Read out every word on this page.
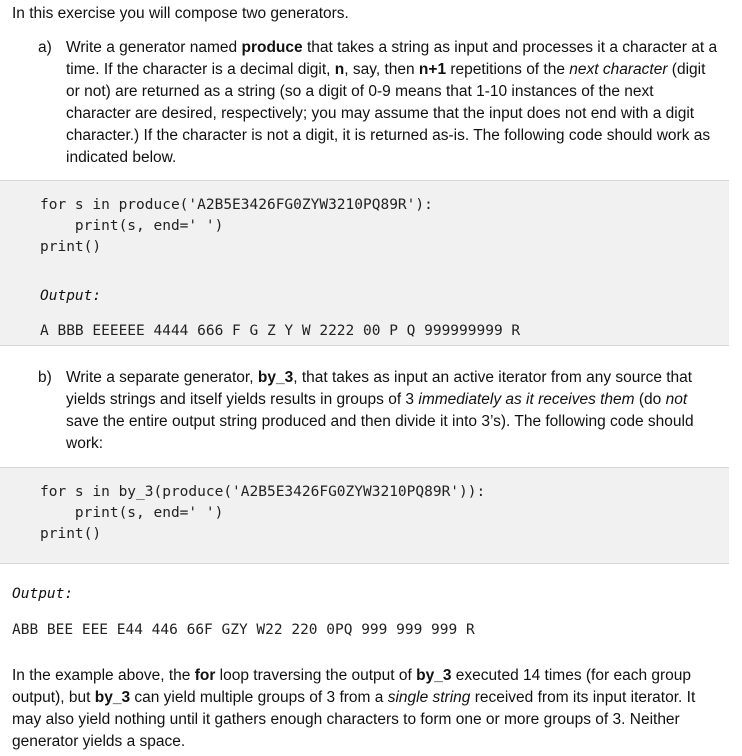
In this exercise you will compose two generators.
a) Write a generator named produce that takes a string as input and processes it a character at a time. If the character is a decimal digit, n, say, then n+1 repetitions of the next character (digit or not) are returned as a string (so a digit of 0-9 means that 1-10 instances of the next character are desired, respectively; you may assume that the input does not end with a digit character.) If the character is not a digit, it is returned as-is. The following code should work as indicated below.
for s in produce('A2B5E3426FG0ZYW3210PQ89R'):
print(s, end=' ')
print()
Output:
A BBB EEEEEE 4444 666 F G Z Y W 2222 00 P Q 999999999 R
b) Write a separate generator, by_3, that takes as input an active iterator from any source that yields strings and itself yields results in groups of 3 immediately as it receives them (do not save the entire output string produced and then divide it into 3’s). The following code should work:
for s in by_3(produce('A2B5E3426FG0ZYW3210PQ89R')):
print(s, end=' ')
print()
Output:
ABB BEE EEE E44 446 66F GZY W22 220 0PQ 999 999 999 R
In the example above, the for loop traversing the output of by_3 executed 14 times (for each group output), but by_3 can yield multiple groups of 3 from a single string received from its input iterator. It may also yield nothing until it gathers enough characters to form one or more groups of 3. Neither generator yields a space.
